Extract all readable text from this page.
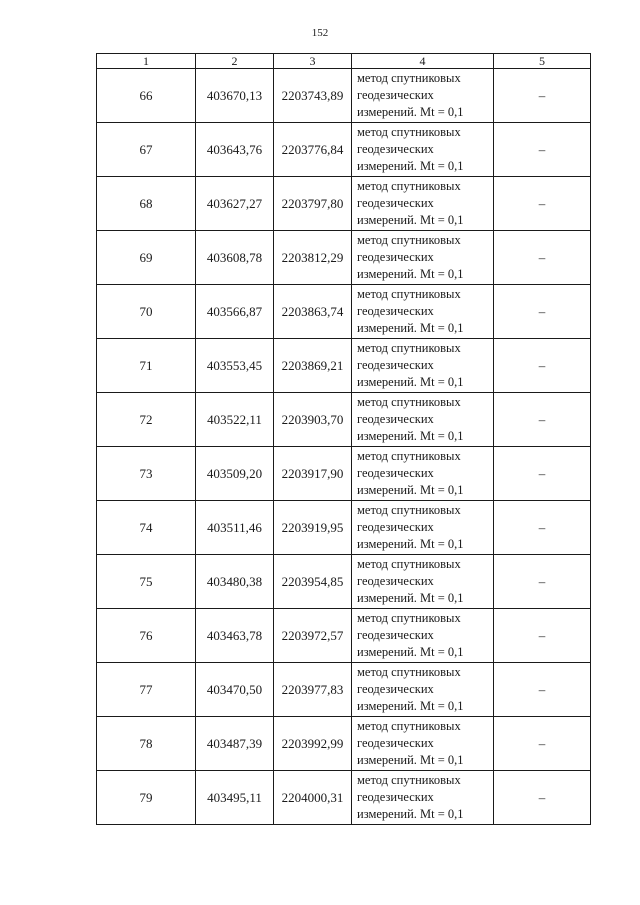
152
1	2	3	4	5
66	403670,13	2203743,89	метод спутниковых
геодезических
измерений. Mt = 0,1	–
67	403643,76	2203776,84	метод спутниковых
геодезических
измерений. Mt = 0,1	–
68	403627,27	2203797,80	метод спутниковых
геодезических
измерений. Mt = 0,1	–
69	403608,78	2203812,29	метод спутниковых
геодезических
измерений. Mt = 0,1	–
70	403566,87	2203863,74	метод спутниковых
геодезических
измерений. Mt = 0,1	–
71	403553,45	2203869,21	метод спутниковых
геодезических
измерений. Mt = 0,1	–
72	403522,11	2203903,70	метод спутниковых
геодезических
измерений. Mt = 0,1	–
73	403509,20	2203917,90	метод спутниковых
геодезических
измерений. Mt = 0,1	–
74	403511,46	2203919,95	метод спутниковых
геодезических
измерений. Mt = 0,1	–
75	403480,38	2203954,85	метод спутниковых
геодезических
измерений. Mt = 0,1	–
76	403463,78	2203972,57	метод спутниковых
геодезических
измерений. Mt = 0,1	–
77	403470,50	2203977,83	метод спутниковых
геодезических
измерений. Mt = 0,1	–
78	403487,39	2203992,99	метод спутниковых
геодезических
измерений. Mt = 0,1	–
79	403495,11	2204000,31	метод спутниковых
геодезических
измерений. Mt = 0,1	–
